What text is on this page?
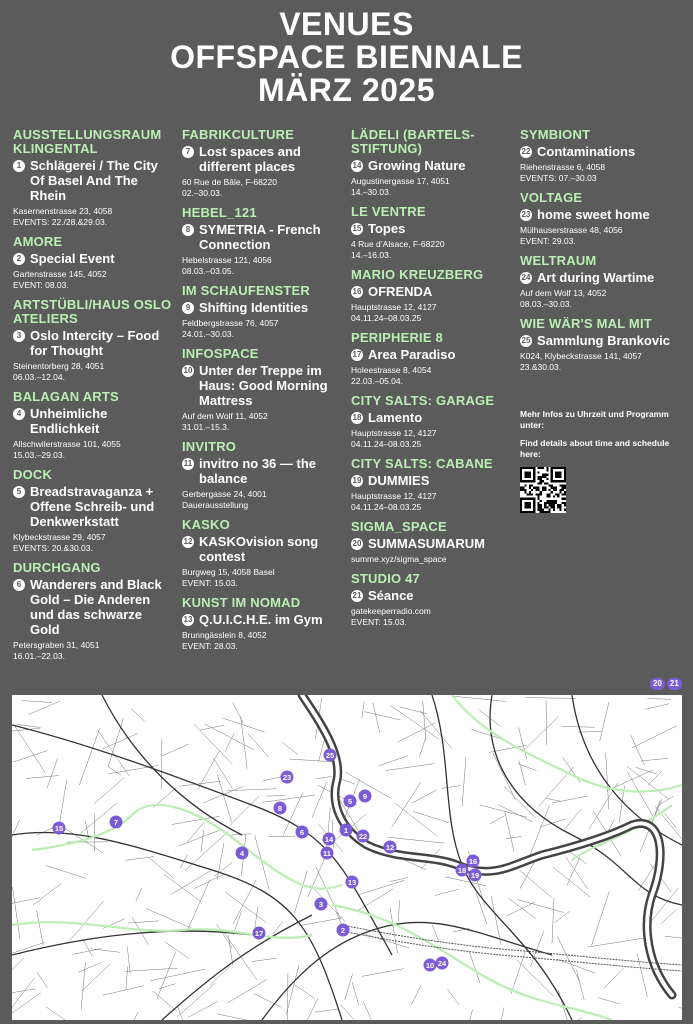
VENUES
OFFSPACE BIENNALE
MÄRZ 2025
AUSSTELLUNGSRAUM KLINGENTAL
1 Schlägerei / The City Of Basel And The Rhein
Kasernenstrasse 23, 4058
EVENTS: 22./28.&29.03.
AMORE
2 Special Event
Gartenstrasse 145, 4052
EVENT: 08.03.
ARTSTÜBLI/HAUS OSLO ATELIERS
3 Oslo Intercity – Food for Thought
Steinentorberg 28, 4051
06.03.–12.04.
BALAGAN ARTS
4 Unheimliche Endlichkeit
Allschwilerstrasse 101, 4055
15.03.–29.03.
DOCK
5 Breadstravaganza + Offene Schreib- und Denkwerkstatt
Klybeckstrasse 29, 4057
EVENTS: 20.&30.03.
DURCHGANG
6 Wanderers and Black Gold – Die Anderen und das schwarze Gold
Petersgraben 31, 4051
16.01.–22.03.
FABRIKCULTURE
7 Lost spaces and different places
60 Rue de Bâle, F-68220
02.–30.03.
HEBEL_121
8 SYMETRIA - French Connection
Hebelstrasse 121, 4056
08.03.–03.05.
IM SCHAUFENSTER
9 Shifting Identities
Feldbergstrasse 76, 4057
24.01.–30.03.
INFOSPACE
10 Unter der Treppe im Haus: Good Morning Mattress
Auf dem Wolf 11, 4052
31.01.–15.3.
INVITRO
11 invitro no 36 — the balance
Gerbergasse 24, 4001
Dauerausstellung
KASKO
12 KASKOvision song contest
Burgweg 15, 4058 Basel
EVENT: 15.03.
KUNST IM NOMAD
13 Q.U.I.C.H.E. im Gym
Brunngässlein 8, 4052
EVENT: 28.03.
LÄDELI (BARTELS-STIFTUNG)
14 Growing Nature
Augustinergasse 17, 4051
14.–30.03.
LE VENTRE
15 Topes
4 Rue d’Alsace, F-68220
14.–16.03.
MARIO KREUZBERG
16 OFRENDA
Hauptstrasse 12, 4127
04.11.24–08.03.25
PERIPHERIE 8
17 Area Paradiso
Holeestrasse 8, 4054
22.03.–05.04.
CITY SALTS: GARAGE
18 Lamento
Hauptstrasse 12, 4127
04.11.24–08.03.25
CITY SALTS: CABANE
19 DUMMIES
Hauptstrasse 12, 4127
04.11.24–08.03.25
SIGMA_SPACE
20 SUMMASUMARUM
summe.xyz/sigma_space
STUDIO 47
21 Séance
gatekeeperradio.com
EVENT: 15.03.
SYMBIONT
22 Contaminations
Riehenstrasse 6, 4058
EVENTS: 07.–30.03
VOLTAGE
23 home sweet home
Mülhauserstrasse 48, 4056
EVENT: 29.03.
WELTRAUM
24 Art during Wartime
Auf dem Wolf 13, 4052
08.03.–30.03.
WIE WÄR'S MAL MIT
25 Sammlung Brankovic
K024, Klybeckstrasse 141, 4057
23.&30.03.

Mehr Infos zu Uhrzeit und Programm unter:

Find details about time and schedule here:

20	21
1
2
3
4
5
6
7
8
9
10
11
12
13
14
15
16
17
18
19
22
23
24
25
